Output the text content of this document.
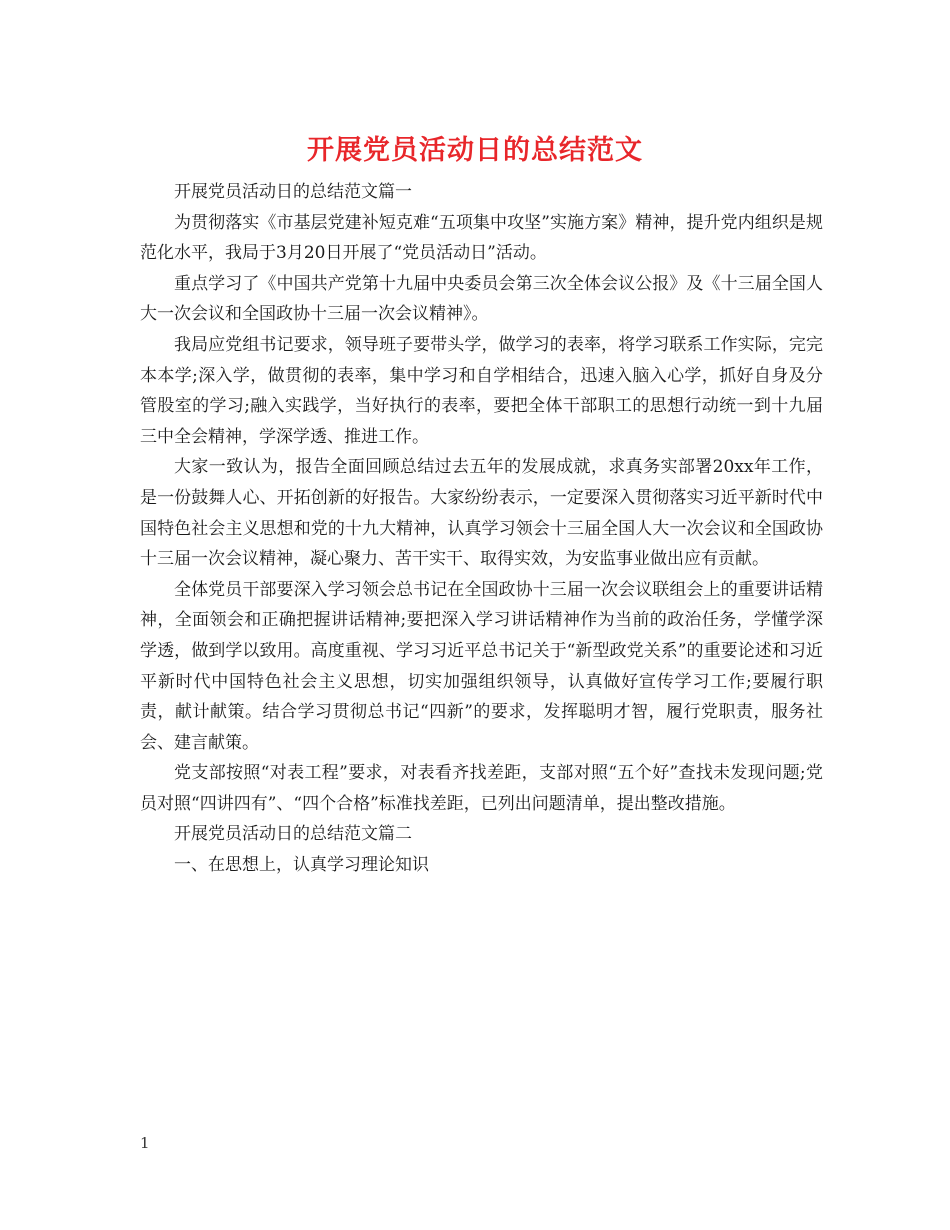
开展党员活动日的总结范文

开展党员活动日的总结范文篇一

为贯彻落实《市基层党建补短克难“五项集中攻坚”实施方案》精神，提升党内组织是规范化水平，我局于3月20日开展了“党员活动日”活动。

重点学习了《中国共产党第十九届中央委员会第三次全体会议公报》及《十三届全国人大一次会议和全国政协十三届一次会议精神》。

我局应党组书记要求，领导班子要带头学，做学习的表率，将学习联系工作实际，完完本本学;深入学，做贯彻的表率，集中学习和自学相结合，迅速入脑入心学，抓好自身及分管股室的学习;融入实践学，当好执行的表率，要把全体干部职工的思想行动统一到十九届三中全会精神，学深学透、推进工作。

大家一致认为，报告全面回顾总结过去五年的发展成就，求真务实部署20xx年工作，是一份鼓舞人心、开拓创新的好报告。大家纷纷表示，一定要深入贯彻落实习近平新时代中国特色社会主义思想和党的十九大精神，认真学习领会十三届全国人大一次会议和全国政协十三届一次会议精神，凝心聚力、苦干实干、取得实效，为安监事业做出应有贡献。

全体党员干部要深入学习领会总书记在全国政协十三届一次会议联组会上的重要讲话精神，全面领会和正确把握讲话精神;要把深入学习讲话精神作为当前的政治任务，学懂学深学透，做到学以致用。高度重视、学习习近平总书记关于“新型政党关系”的重要论述和习近平新时代中国特色社会主义思想，切实加强组织领导，认真做好宣传学习工作;要履行职责，献计献策。结合学习贯彻总书记“四新”的要求，发挥聪明才智，履行党职责，服务社会、建言献策。

党支部按照“对表工程”要求，对表看齐找差距，支部对照“五个好”查找未发现问题;党员对照“四讲四有”、“四个合格”标准找差距，已列出问题清单，提出整改措施。

开展党员活动日的总结范文篇二

一、在思想上，认真学习理论知识

1
